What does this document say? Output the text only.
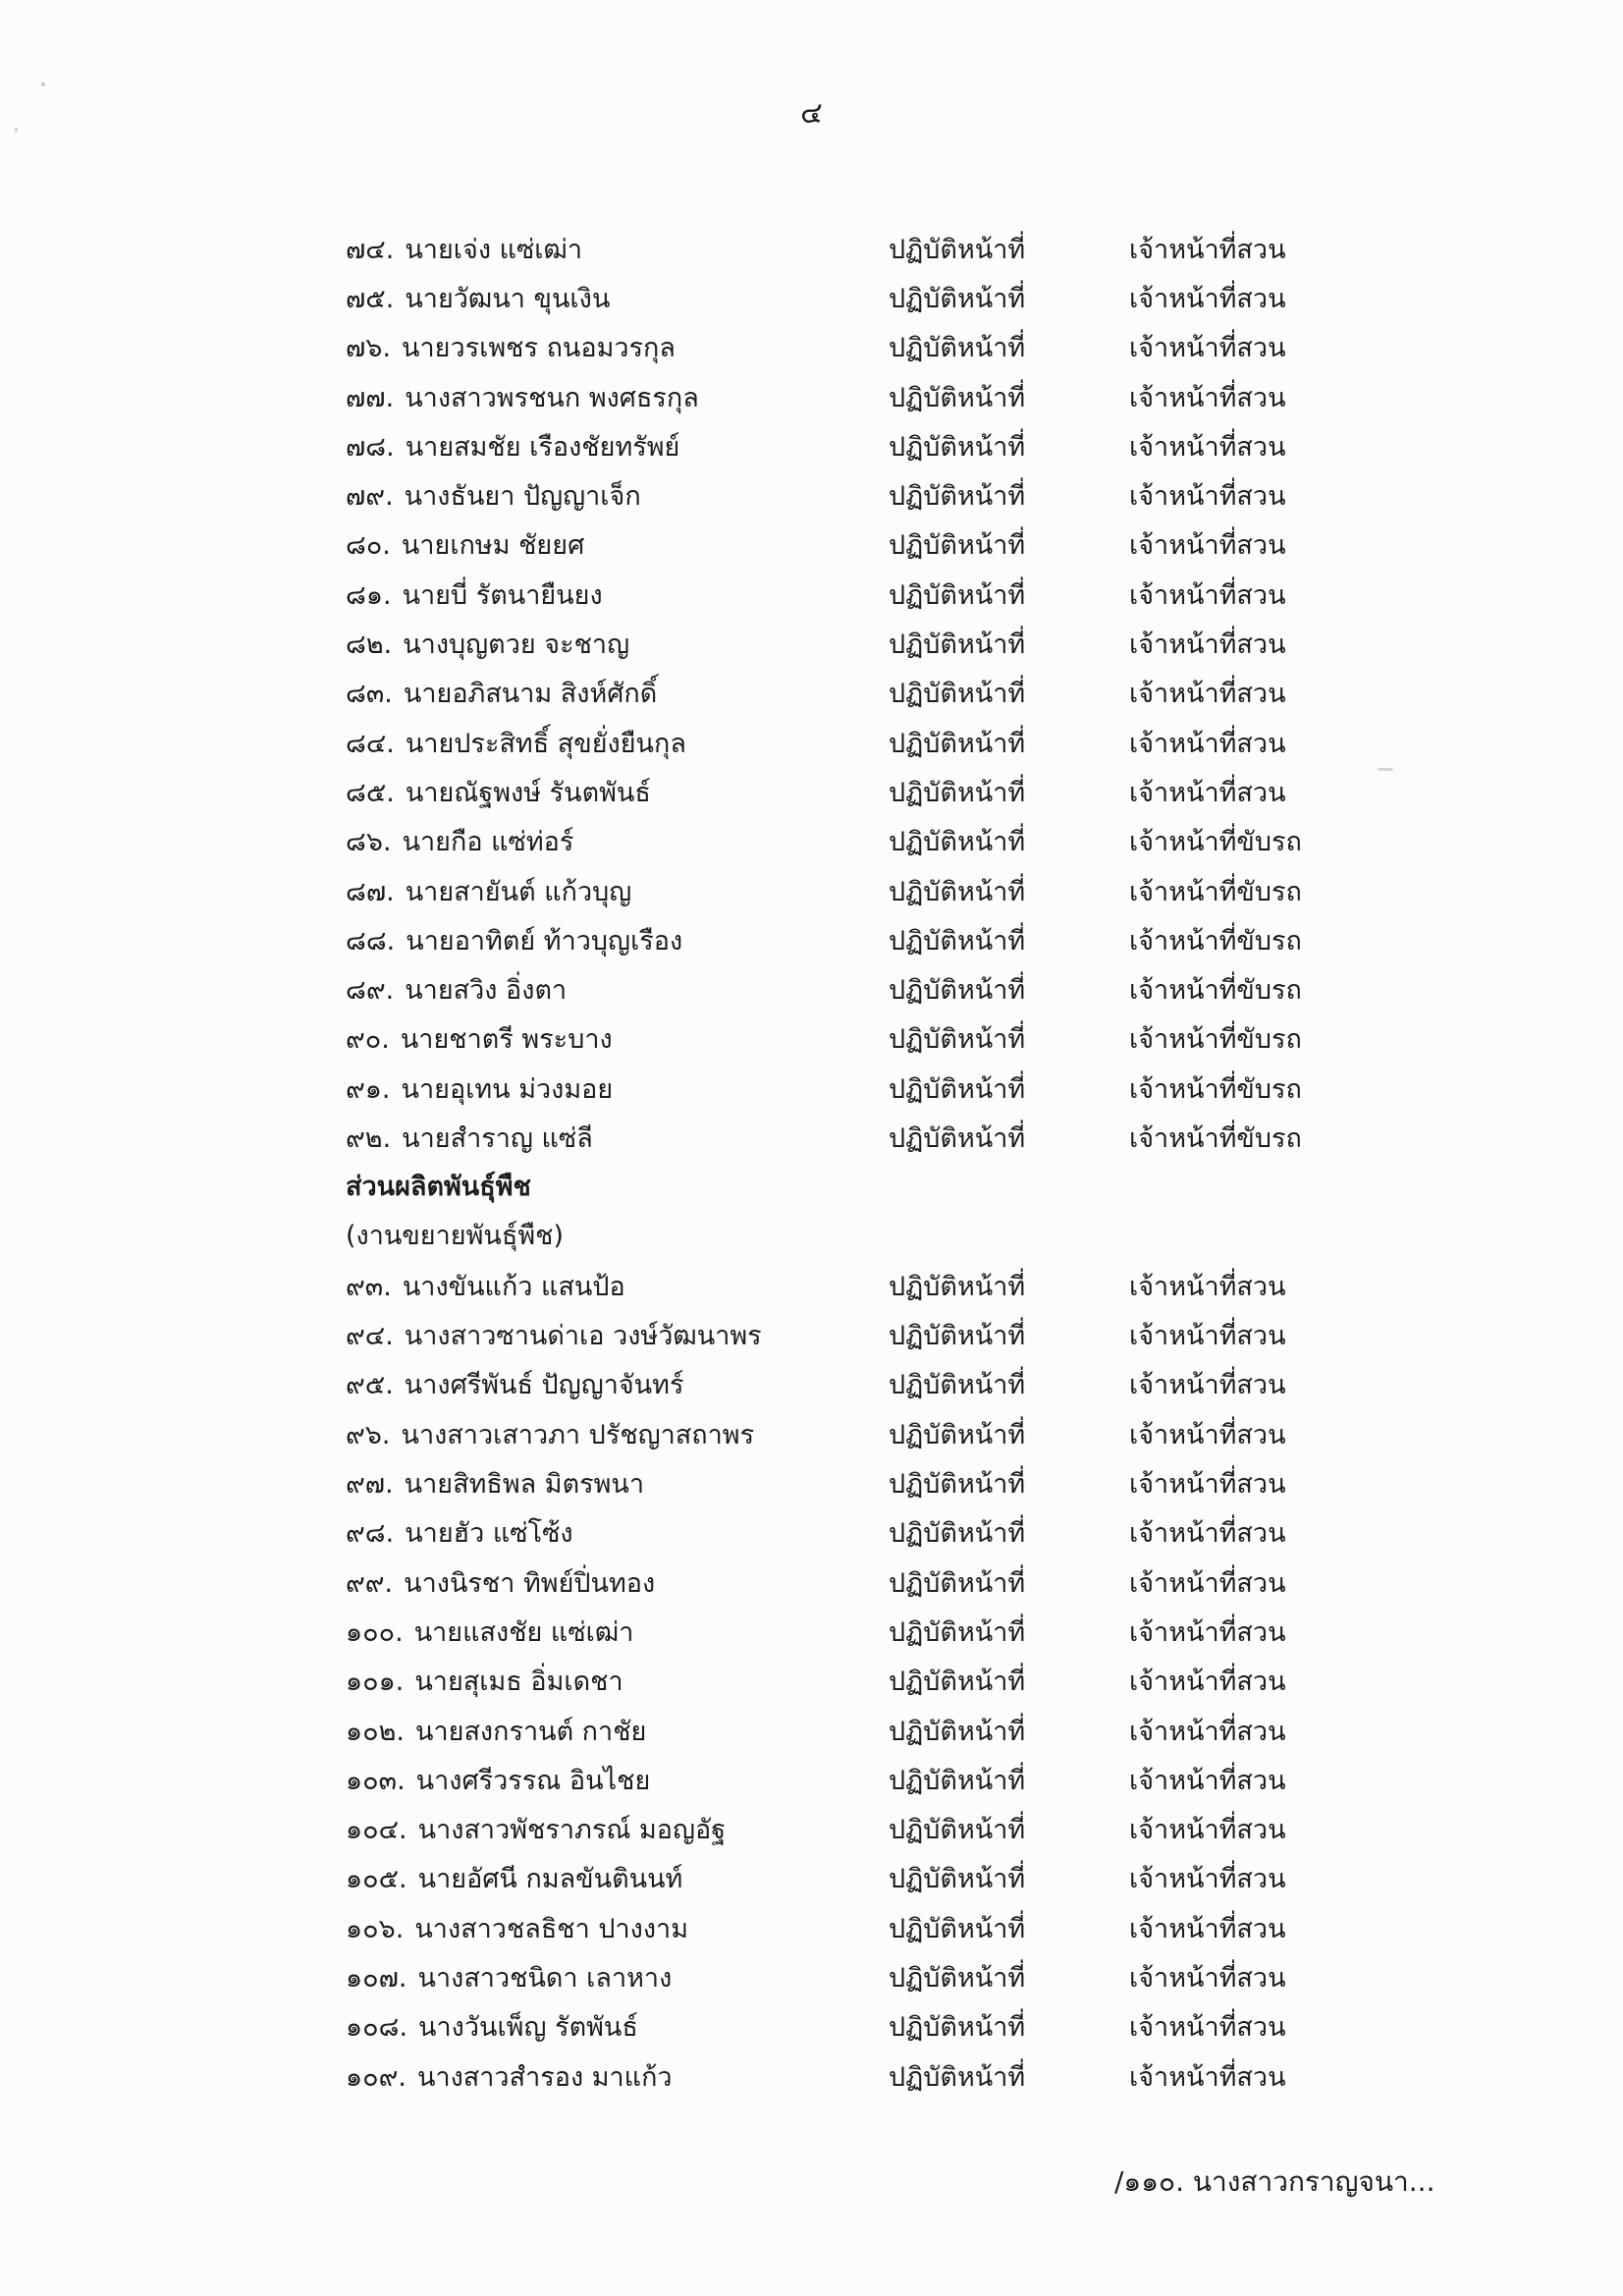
๔
๗๔. นายเจ่ง แซ่เฒ่า	ปฏิบัติหน้าที่	เจ้าหน้าที่สวน
๗๕. นายวัฒนา ขุนเงิน	ปฏิบัติหน้าที่	เจ้าหน้าที่สวน
๗๖. นายวรเพชร ถนอมวรกุล	ปฏิบัติหน้าที่	เจ้าหน้าที่สวน
๗๗. นางสาวพรชนก พงศธรกุล	ปฏิบัติหน้าที่	เจ้าหน้าที่สวน
๗๘. นายสมชัย เรืองชัยทรัพย์	ปฏิบัติหน้าที่	เจ้าหน้าที่สวน
๗๙. นางธันยา ปัญญาเจ็ก	ปฏิบัติหน้าที่	เจ้าหน้าที่สวน
๘๐. นายเกษม ชัยยศ	ปฏิบัติหน้าที่	เจ้าหน้าที่สวน
๘๑. นายบี่ รัตนายืนยง	ปฏิบัติหน้าที่	เจ้าหน้าที่สวน
๘๒. นางบุญตวย จะชาญ	ปฏิบัติหน้าที่	เจ้าหน้าที่สวน
๘๓. นายอภิสนาม สิงห์ศักดิ์	ปฏิบัติหน้าที่	เจ้าหน้าที่สวน
๘๔. นายประสิทธิ์ สุขยั่งยืนกุล	ปฏิบัติหน้าที่	เจ้าหน้าที่สวน
๘๕. นายณัฐพงษ์ รันตพันธ์	ปฏิบัติหน้าที่	เจ้าหน้าที่สวน
๘๖. นายกือ แซ่ท่อร์	ปฏิบัติหน้าที่	เจ้าหน้าที่ขับรถ
๘๗. นายสายันต์ แก้วบุญ	ปฏิบัติหน้าที่	เจ้าหน้าที่ขับรถ
๘๘. นายอาทิตย์ ท้าวบุญเรือง	ปฏิบัติหน้าที่	เจ้าหน้าที่ขับรถ
๘๙. นายสวิง อิ่งตา	ปฏิบัติหน้าที่	เจ้าหน้าที่ขับรถ
๙๐. นายชาตรี พระบาง	ปฏิบัติหน้าที่	เจ้าหน้าที่ขับรถ
๙๑. นายอุเทน ม่วงมอย	ปฏิบัติหน้าที่	เจ้าหน้าที่ขับรถ
๙๒. นายสำราญ แซ่ลี	ปฏิบัติหน้าที่	เจ้าหน้าที่ขับรถ
ส่วนผลิตพันธุ์พืช
(งานขยายพันธุ์พืช)
๙๓. นางขันแก้ว แสนป้อ	ปฏิบัติหน้าที่	เจ้าหน้าที่สวน
๙๔. นางสาวซานด่าเอ วงษ์วัฒนาพร	ปฏิบัติหน้าที่	เจ้าหน้าที่สวน
๙๕. นางศรีพันธ์ ปัญญาจันทร์	ปฏิบัติหน้าที่	เจ้าหน้าที่สวน
๙๖. นางสาวเสาวภา ปรัชญาสถาพร	ปฏิบัติหน้าที่	เจ้าหน้าที่สวน
๙๗. นายสิทธิพล มิตรพนา	ปฏิบัติหน้าที่	เจ้าหน้าที่สวน
๙๘. นายฮัว แซ่โซ้ง	ปฏิบัติหน้าที่	เจ้าหน้าที่สวน
๙๙. นางนิรชา ทิพย์ปิ่นทอง	ปฏิบัติหน้าที่	เจ้าหน้าที่สวน
๑๐๐. นายแสงชัย แซ่เฒ่า	ปฏิบัติหน้าที่	เจ้าหน้าที่สวน
๑๐๑. นายสุเมธ อิ่มเดชา	ปฏิบัติหน้าที่	เจ้าหน้าที่สวน
๑๐๒. นายสงกรานต์ กาชัย	ปฏิบัติหน้าที่	เจ้าหน้าที่สวน
๑๐๓. นางศรีวรรณ อินไชย	ปฏิบัติหน้าที่	เจ้าหน้าที่สวน
๑๐๔. นางสาวพัชราภรณ์ มอญอัฐ	ปฏิบัติหน้าที่	เจ้าหน้าที่สวน
๑๐๕. นายอัศนี กมลขันตินนท์	ปฏิบัติหน้าที่	เจ้าหน้าที่สวน
๑๐๖. นางสาวชลธิชา ปางงาม	ปฏิบัติหน้าที่	เจ้าหน้าที่สวน
๑๐๗. นางสาวชนิดา เลาหาง	ปฏิบัติหน้าที่	เจ้าหน้าที่สวน
๑๐๘. นางวันเพ็ญ รัตพันธ์	ปฏิบัติหน้าที่	เจ้าหน้าที่สวน
๑๐๙. นางสาวสำรอง มาแก้ว	ปฏิบัติหน้าที่	เจ้าหน้าที่สวน
/๑๑๐. นางสาวกราญจนา...
